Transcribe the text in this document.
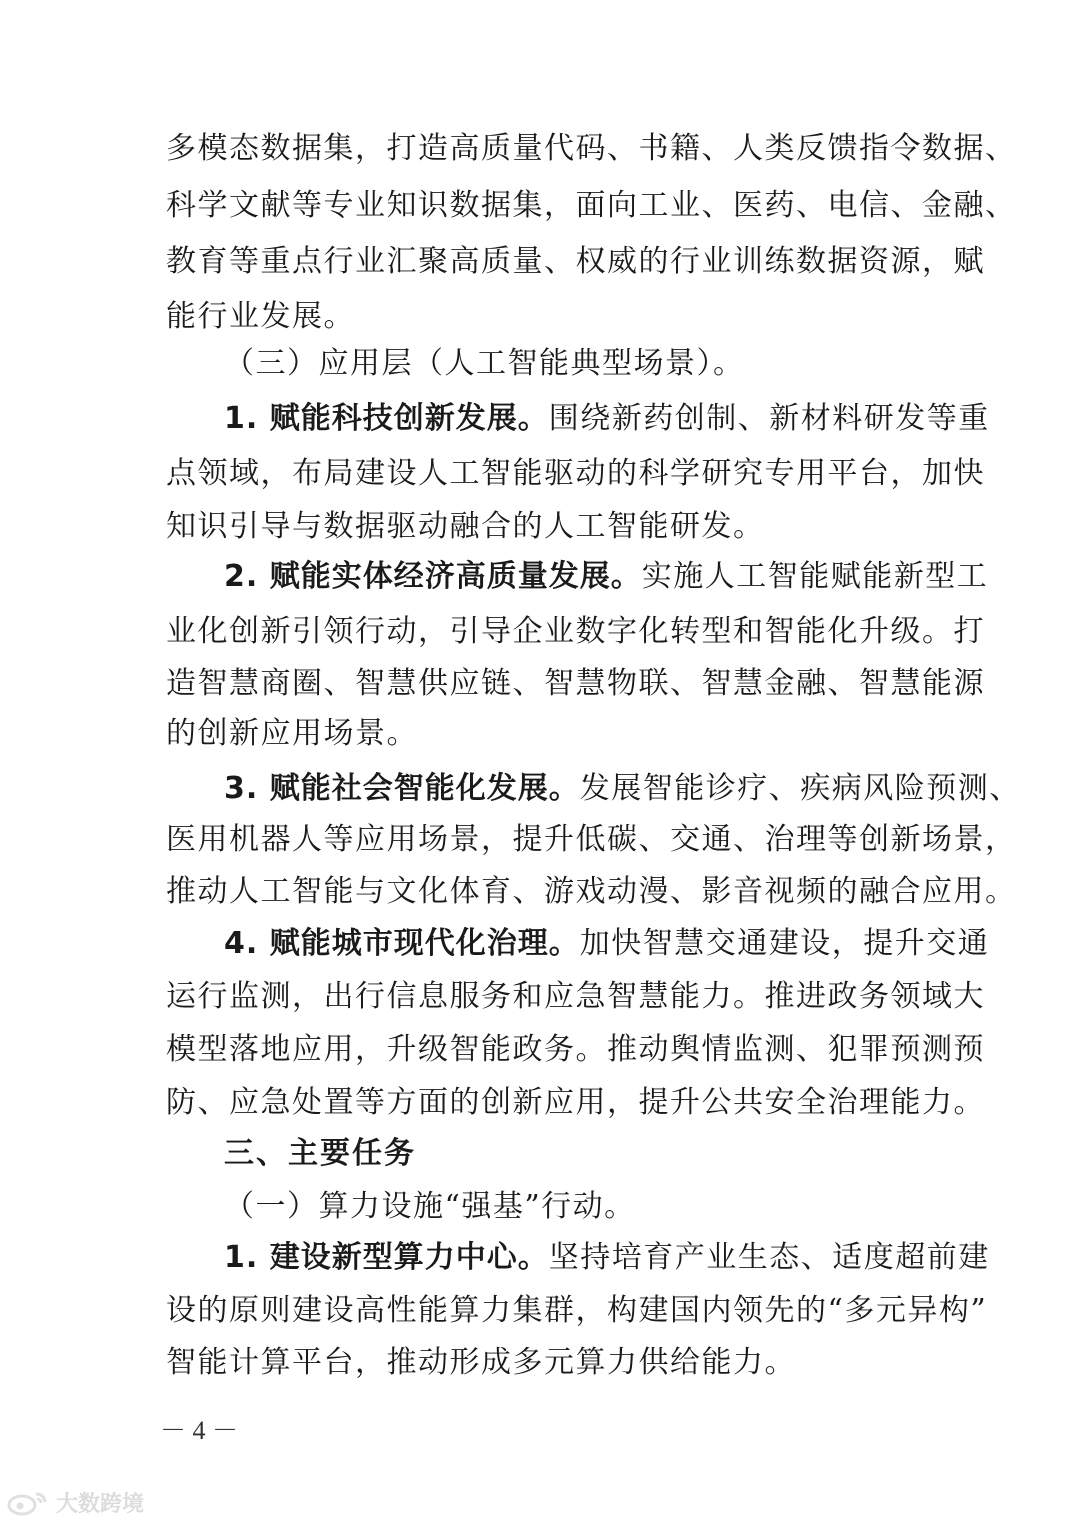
多模态数据集，打造高质量代码、书籍、人类反馈指令数据、
科学文献等专业知识数据集，面向工业、医药、电信、金融、
教育等重点行业汇聚高质量、权威的行业训练数据资源，赋
能行业发展。
（三）应用层（人工智能典型场景）。
1. 赋能科技创新发展。围绕新药创制、新材料研发等重
点领域，布局建设人工智能驱动的科学研究专用平台，加快
知识引导与数据驱动融合的人工智能研发。
2. 赋能实体经济高质量发展。实施人工智能赋能新型工
业化创新引领行动，引导企业数字化转型和智能化升级。打
造智慧商圈、智慧供应链、智慧物联、智慧金融、智慧能源
的创新应用场景。
3. 赋能社会智能化发展。发展智能诊疗、疾病风险预测、
医用机器人等应用场景，提升低碳、交通、治理等创新场景，
推动人工智能与文化体育、游戏动漫、影音视频的融合应用。
4. 赋能城市现代化治理。加快智慧交通建设，提升交通
运行监测，出行信息服务和应急智慧能力。推进政务领域大
模型落地应用，升级智能政务。推动舆情监测、犯罪预测预
防、应急处置等方面的创新应用，提升公共安全治理能力。
三、主要任务
（一）算力设施“强基”行动。
1. 建设新型算力中心。坚持培育产业生态、适度超前建
设的原则建设高性能算力集群，构建国内领先的“多元异构”
智能计算平台，推动形成多元算力供给能力。
－ 4 －
大数跨境
